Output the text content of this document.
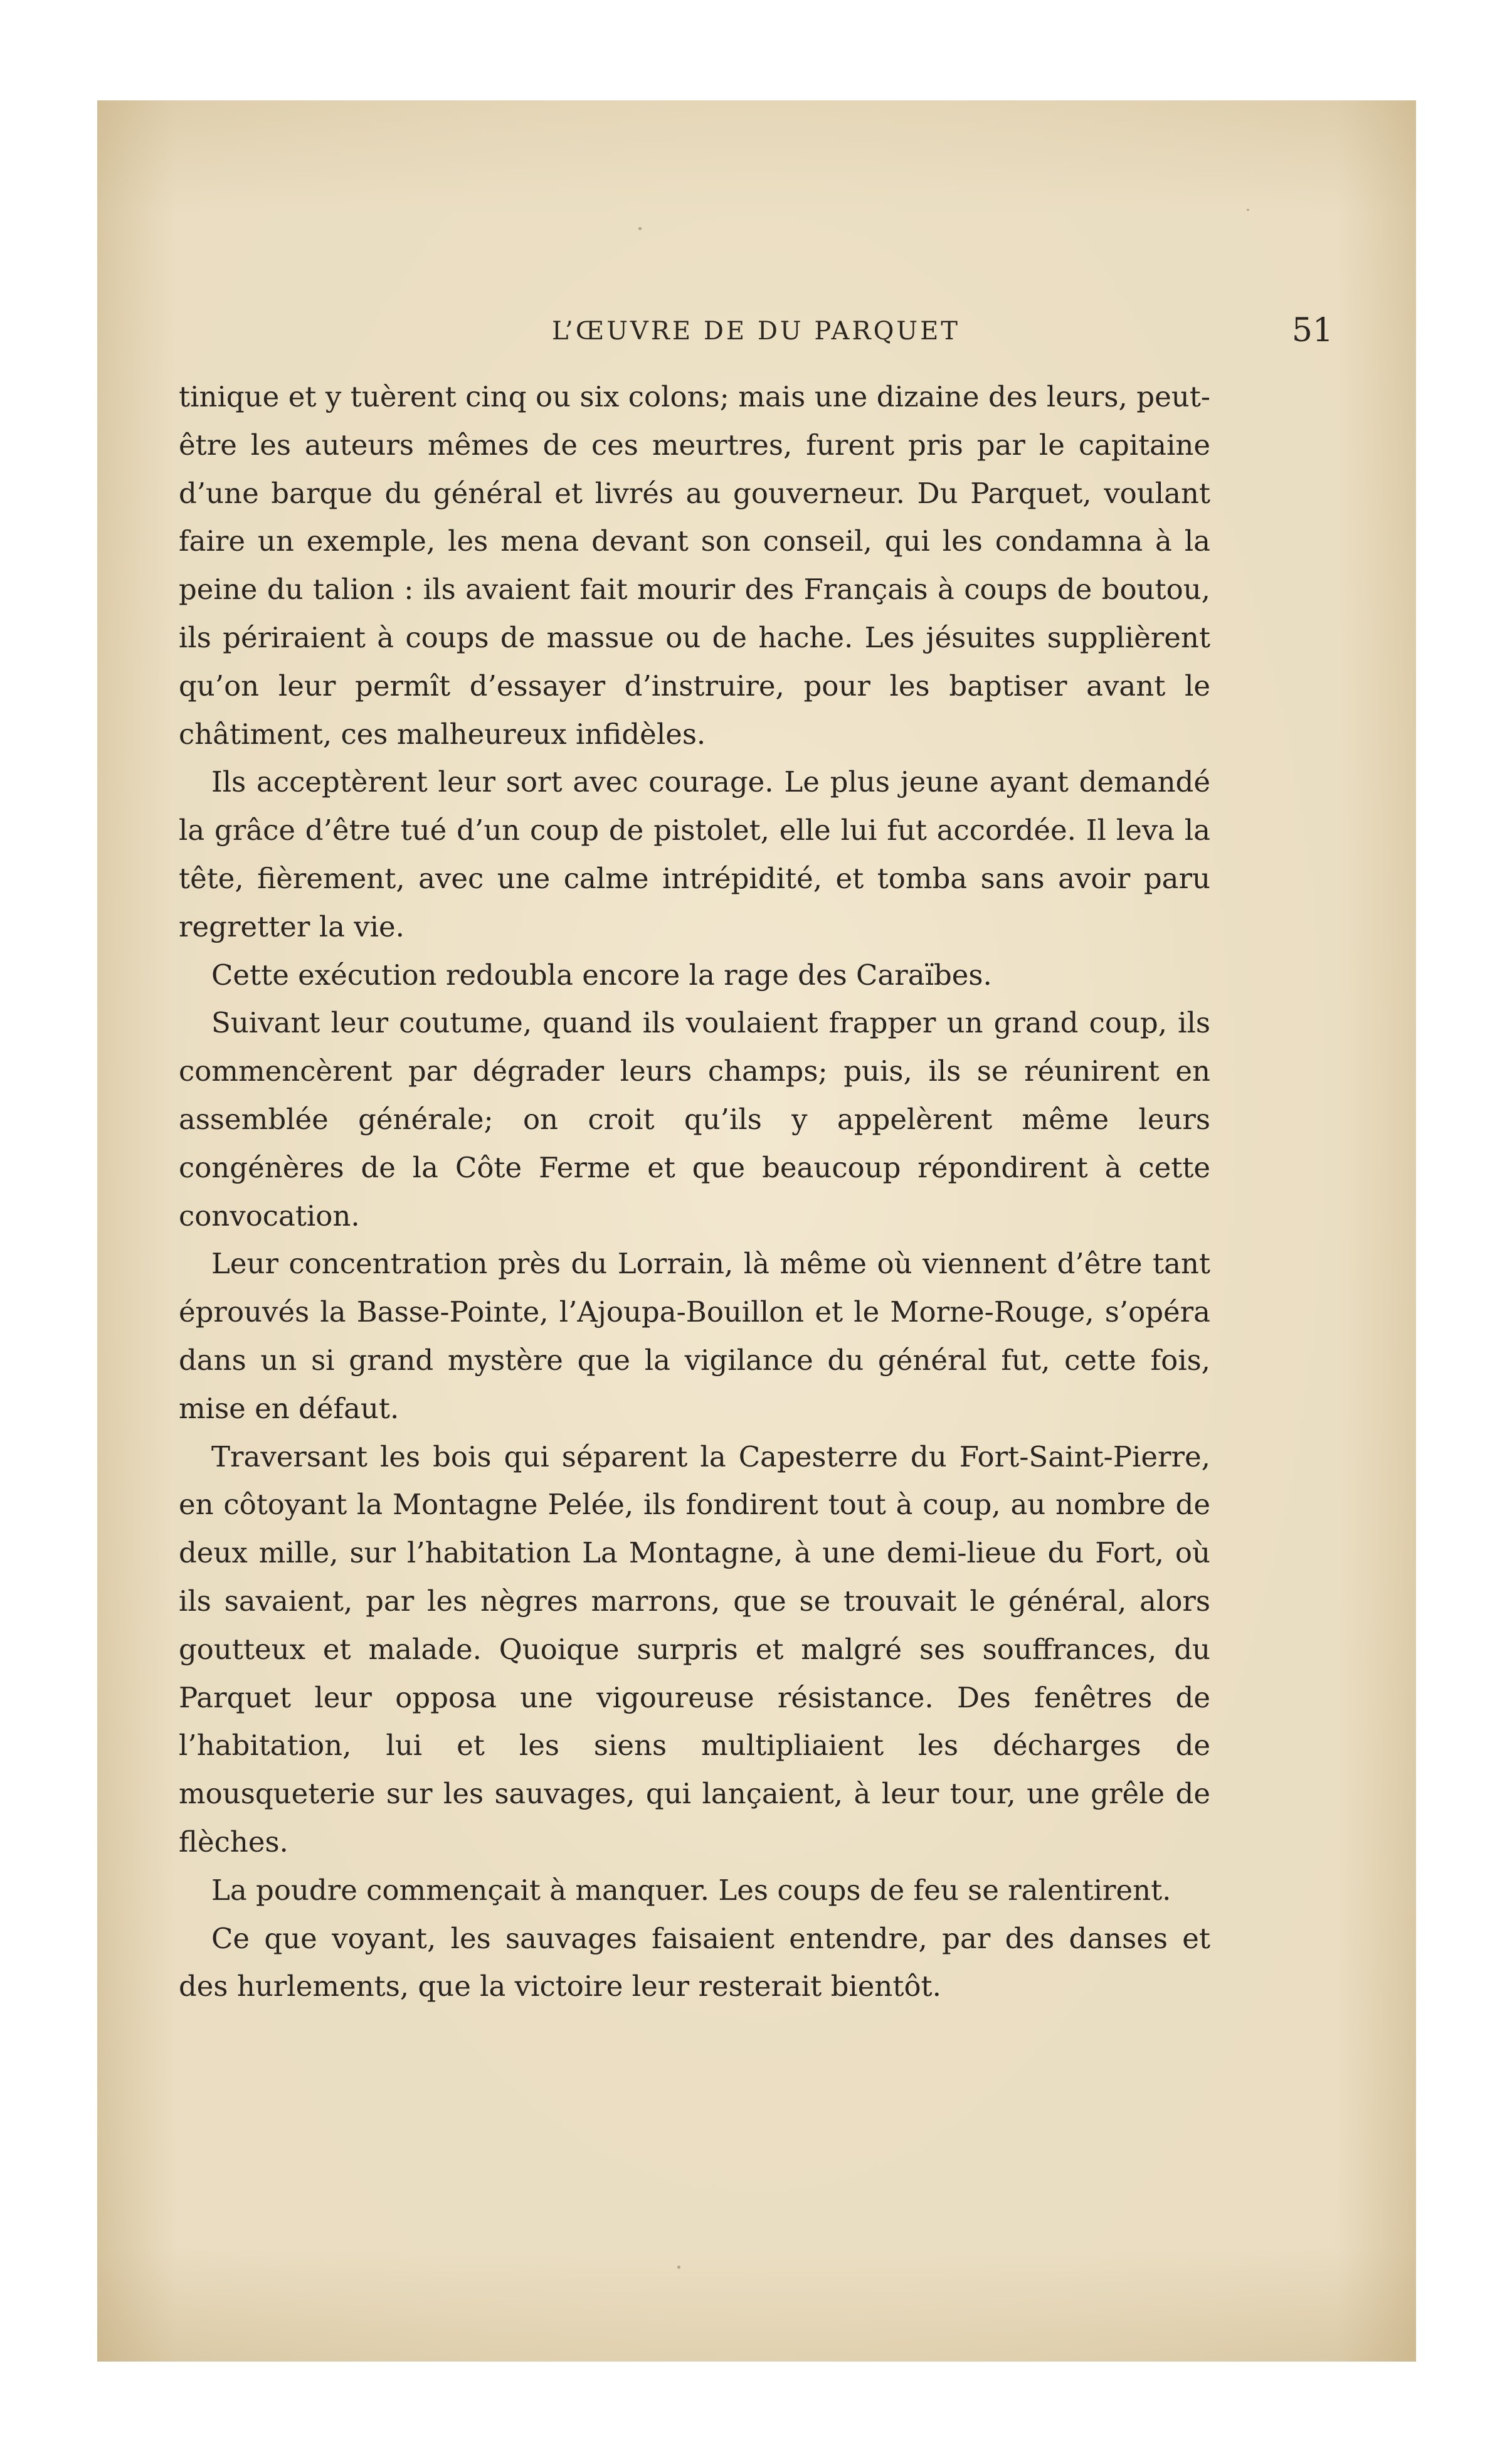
L’ŒUVRE DE DU PARQUET	51

tinique et y tuèrent cinq ou six colons; mais une dizaine des leurs, peut-être les auteurs mêmes de ces meurtres, furent pris par le capitaine d’une barque du général et livrés au gouverneur. Du Parquet, voulant faire un exemple, les mena devant son conseil, qui les condamna à la peine du talion : ils avaient fait mourir des Français à coups de boutou, ils périraient à coups de massue ou de hache. Les jésuites supplièrent qu’on leur permît d’essayer d’instruire, pour les baptiser avant le châtiment, ces malheureux infidèles.

Ils acceptèrent leur sort avec courage. Le plus jeune ayant demandé la grâce d’être tué d’un coup de pistolet, elle lui fut accordée. Il leva la tête, fièrement, avec une calme intrépidité, et tomba sans avoir paru regretter la vie.

Cette exécution redoubla encore la rage des Caraïbes.

Suivant leur coutume, quand ils voulaient frapper un grand coup, ils commencèrent par dégrader leurs champs; puis, ils se réunirent en assemblée générale; on croit qu’ils y appelèrent même leurs congénères de la Côte Ferme et que beaucoup répondirent à cette convocation.

Leur concentration près du Lorrain, là même où viennent d’être tant éprouvés la Basse-Pointe, l’Ajoupa-Bouillon et le Morne-Rouge, s’opéra dans un si grand mystère que la vigilance du général fut, cette fois, mise en défaut.

Traversant les bois qui séparent la Capesterre du Fort-Saint-Pierre, en côtoyant la Montagne Pelée, ils fondirent tout à coup, au nombre de deux mille, sur l’habitation La Montagne, à une demi-lieue du Fort, où ils savaient, par les nègres marrons, que se trouvait le général, alors goutteux et malade. Quoique surpris et malgré ses souffrances, du Parquet leur opposa une vigoureuse résistance. Des fenêtres de l’habitation, lui et les siens multipliaient les décharges de mousqueterie sur les sauvages, qui lançaient, à leur tour, une grêle de flèches.

La poudre commençait à manquer. Les coups de feu se ralentirent.

Ce que voyant, les sauvages faisaient entendre, par des danses et des hurlements, que la victoire leur resterait bientôt.
